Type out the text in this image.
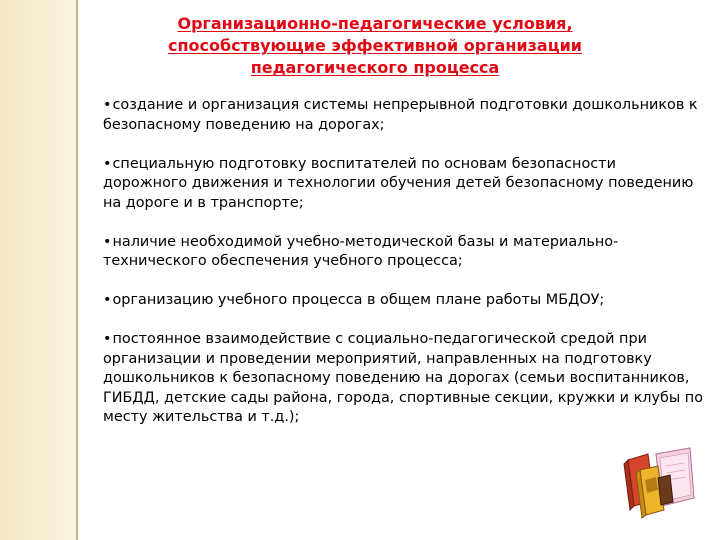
Организационно-педагогические условия,
способствующие эффективной организации
педагогического процесса
•создание и организация системы непрерывной подготовки дошкольников к безопасному поведению на дорогах;
•специальную подготовку воспитателей по основам безопасности дорожного движения и технологии обучения детей безопасному поведению на дороге и в транспорте;
•наличие необходимой учебно-методической базы и материально-технического обеспечения учебного процесса;
•организацию учебного процесса в общем плане работы МБДОУ;
•постоянное взаимодействие с социально-педагогической средой при организации и проведении мероприятий, направленных на подготовку дошкольников к безопасному поведению на дорогах (семьи воспитанников, ГИБДД, детские сады района, города, спортивные секции, кружки и клубы по месту жительства и т.д.);
